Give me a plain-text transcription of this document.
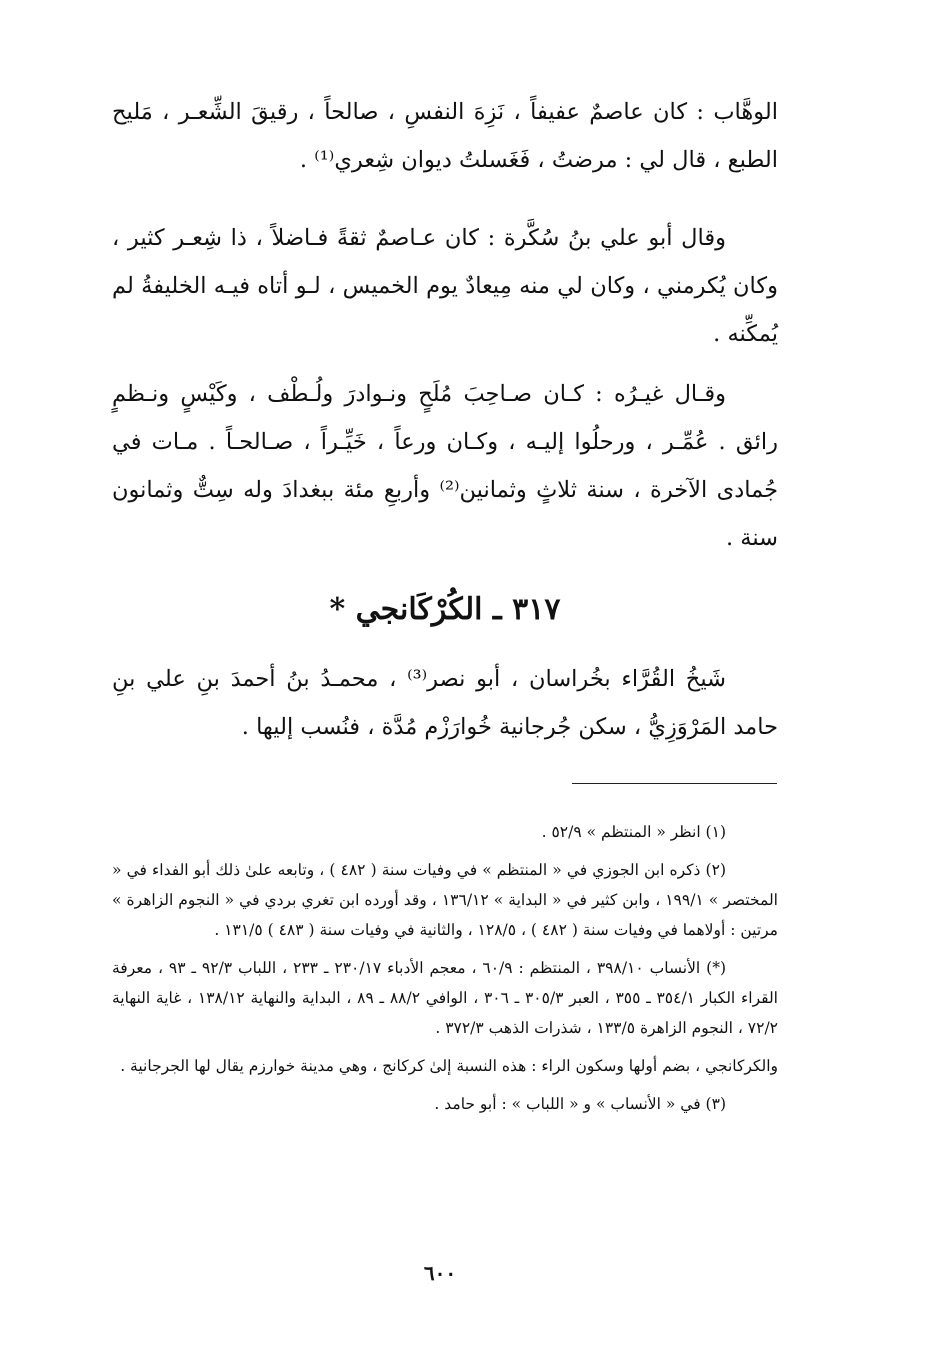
الوهَّاب : كان عاصمٌ عفيفاً ، نَزِهَ النفسِ ، صالحاً ، رقيقَ الشِّعـر ، مَليح الطبع ، قال لي : مرضتُ ، فَغَسلتُ ديوان شِعري⁽¹⁾ .

وقال أبو علي بنُ سُكَّرة : كان عـاصمٌ ثقةً فـاضلاً ، ذا شِعـر كثير ، وكان يُكرمني ، وكان لي منه مِيعادٌ يوم الخميس ، لـو أتاه فيـه الخليفةُ لم يُمكِّنه .

وقـال غيـرُه : كـان صـاحِبَ مُلَحٍ ونـوادرَ ولُـطْف ، وكَيْسٍ ونـظمٍ رائق . عُمِّـر ، ورحلُوا إليـه ، وكـان ورعاً ، خَيِّـراً ، صـالحـاً . مـات في جُمادى الآخرة ، سنة ثلاثٍ وثمانين⁽²⁾ وأربعِ مئة ببغدادَ وله سِتٌّ وثمانون سنة .

٣١٧ ـ الكُرْكَانجي *

شَيخُ القُرَّاء بخُراسان ، أبو نصر⁽³⁾ ، محمـدُ بنُ أحمدَ بنِ علي بنِ حامد المَرْوَزِيُّ ، سكن جُرجانية خُوارَزْم مُدَّة ، فنُسب إليها .

(١) انظر « المنتظم » ٥٢/٩ .

(٢) ذكره ابن الجوزي في « المنتظم » في وفيات سنة ( ٤٨٢ ) ، وتابعه علىٰ ذلك أبو الفداء في « المختصر » ١٩٩/١ ، وابن كثير في « البداية » ١٣٦/١٢ ، وقد أورده ابن تغري بردي في « النجوم الزاهرة » مرتين : أولاهما في وفيات سنة ( ٤٨٢ ) ، ١٢٨/٥ ، والثانية في وفيات سنة ( ٤٨٣ ) ١٣١/٥ .

(*) الأنساب ٣٩٨/١٠ ، المنتظم : ٦٠/٩ ، معجم الأدباء ٢٣٠/١٧ ـ ٢٣٣ ، اللباب ٩٢/٣ ـ ٩٣ ، معرفة القراء الكبار ٣٥٤/١ ـ ٣٥٥ ، العبر ٣٠٥/٣ ـ ٣٠٦ ، الوافي ٨٨/٢ ـ ٨٩ ، البداية والنهاية ١٣٨/١٢ ، غاية النهاية ٧٢/٢ ، النجوم الزاهرة ١٣٣/٥ ، شذرات الذهب ٣٧٢/٣ .

والكركانجي ، بضم أولها وسكون الراء : هذه النسبة إلىٰ كركانج ، وهي مدينة خوارزم يقال لها الجرجانية .

(٣) في « الأنساب » و « اللباب » : أبو حامد .

٦٠٠
